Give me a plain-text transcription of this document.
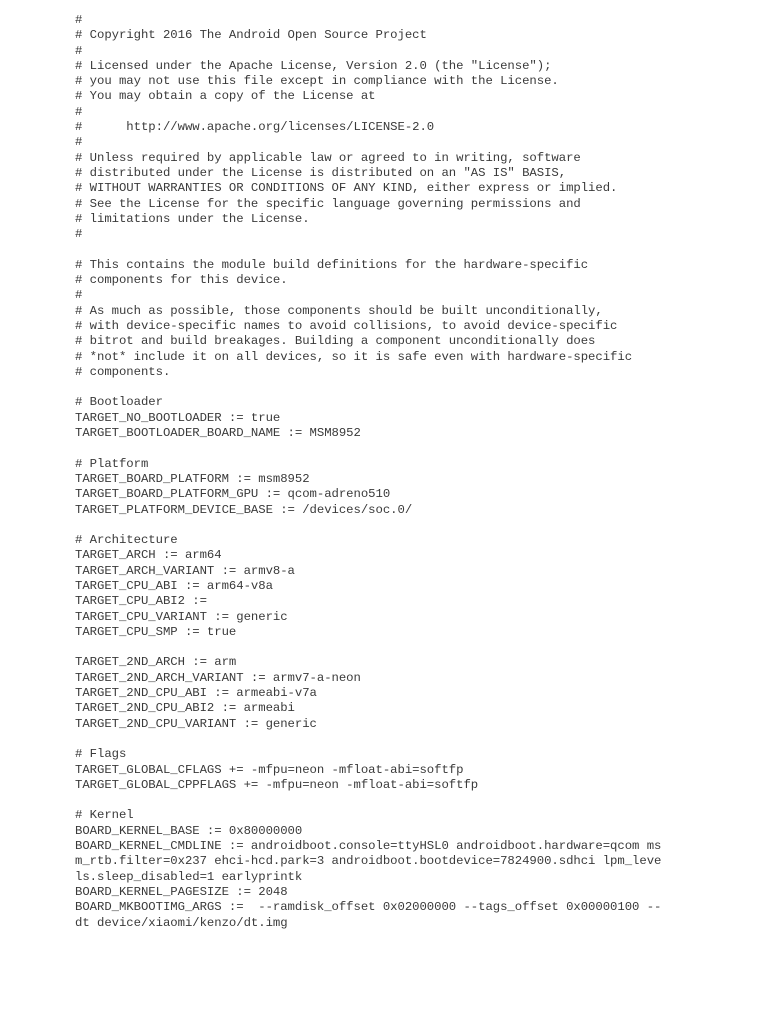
#
# Copyright 2016 The Android Open Source Project
#
# Licensed under the Apache License, Version 2.0 (the "License");
# you may not use this file except in compliance with the License.
# You may obtain a copy of the License at
#
#      http://www.apache.org/licenses/LICENSE-2.0
#
# Unless required by applicable law or agreed to in writing, software
# distributed under the License is distributed on an "AS IS" BASIS,
# WITHOUT WARRANTIES OR CONDITIONS OF ANY KIND, either express or implied.
# See the License for the specific language governing permissions and
# limitations under the License.
#
# This contains the module build definitions for the hardware-specific
# components for this device.
#
# As much as possible, those components should be built unconditionally,
# with device-specific names to avoid collisions, to avoid device-specific
# bitrot and build breakages. Building a component unconditionally does
# *not* include it on all devices, so it is safe even with hardware-specific
# components.
# Bootloader
TARGET_NO_BOOTLOADER := true
TARGET_BOOTLOADER_BOARD_NAME := MSM8952
# Platform
TARGET_BOARD_PLATFORM := msm8952
TARGET_BOARD_PLATFORM_GPU := qcom-adreno510
TARGET_PLATFORM_DEVICE_BASE := /devices/soc.0/
# Architecture
TARGET_ARCH := arm64
TARGET_ARCH_VARIANT := armv8-a
TARGET_CPU_ABI := arm64-v8a
TARGET_CPU_ABI2 :=
TARGET_CPU_VARIANT := generic
TARGET_CPU_SMP := true
TARGET_2ND_ARCH := arm
TARGET_2ND_ARCH_VARIANT := armv7-a-neon
TARGET_2ND_CPU_ABI := armeabi-v7a
TARGET_2ND_CPU_ABI2 := armeabi
TARGET_2ND_CPU_VARIANT := generic
# Flags
TARGET_GLOBAL_CFLAGS += -mfpu=neon -mfloat-abi=softfp
TARGET_GLOBAL_CPPFLAGS += -mfpu=neon -mfloat-abi=softfp
# Kernel
BOARD_KERNEL_BASE := 0x80000000
BOARD_KERNEL_CMDLINE := androidboot.console=ttyHSL0 androidboot.hardware=qcom ms
m_rtb.filter=0x237 ehci-hcd.park=3 androidboot.bootdevice=7824900.sdhci lpm_leve
ls.sleep_disabled=1 earlyprintk
BOARD_KERNEL_PAGESIZE := 2048
BOARD_MKBOOTIMG_ARGS :=  --ramdisk_offset 0x02000000 --tags_offset 0x00000100 --
dt device/xiaomi/kenzo/dt.img
